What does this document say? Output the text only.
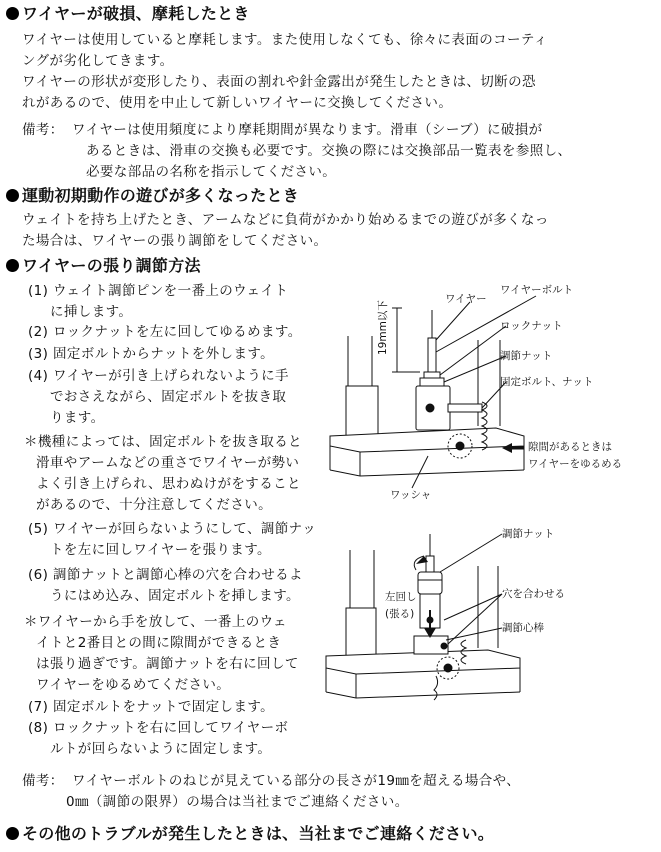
ワイヤーが破損、摩耗したとき
ワイヤーは使用していると摩耗します。また使用しなくても、徐々に表面のコーティ
ングが劣化してきます。
ワイヤーの形状が変形したり、表面の割れや針金露出が発生したときは、切断の恐
れがあるので、使用を中止して新しいワイヤーに交換してください。
備考： ワイヤーは使用頻度により摩耗期間が異なります。滑車（シーブ）に破損が
あるときは、滑車の交換も必要です。交換の際には交換部品一覧表を参照し、
必要な部品の名称を指示してください。
運動初期動作の遊びが多くなったとき
ウェイトを持ち上げたとき、アームなどに負荷がかかり始めるまでの遊びが多くなっ
た場合は、ワイヤーの張り調節をしてください。
ワイヤーの張り調節方法
(1) ウェイト調節ピンを一番上のウェイト
に挿します。
(2) ロックナットを左に回してゆるめます。
(3) 固定ボルトからナットを外します。
(4) ワイヤーが引き上げられないように手
でおさえながら、固定ボルトを抜き取
ります。
＊機種によっては、固定ボルトを抜き取ると
滑車やアームなどの重さでワイヤーが勢い
よく引き上げられ、思わぬけがをすること
があるので、十分注意してください。
(5) ワイヤーが回らないようにして、調節ナッ
トを左に回しワイヤーを張ります。
(6) 調節ナットと調節心棒の穴を合わせるよ
うにはめ込み、固定ボルトを挿します。
＊ワイヤーから手を放して、一番上のウェ
イトと2番目との間に隙間ができるとき
は張り過ぎです。調節ナットを右に回して
ワイヤーをゆるめてください。
(7) 固定ボルトをナットで固定します。
(8) ロックナットを右に回してワイヤーボ
ルトが回らないように固定します。
備考： ワイヤーボルトのねじが見えている部分の長さが19㎜を超える場合や、
0㎜（調節の限界）の場合は当社までご連絡ください。
その他のトラブルが発生したときは、当社までご連絡ください。
ワイヤー
ワイヤーボルト
19mm以下	ロックナット
調節ナット
固定ボルト、ナット
隙間があるときは
ワイヤーをゆるめる
ワッシャ
調節ナット
穴を合わせる
左回し
(張る)
調節心棒
